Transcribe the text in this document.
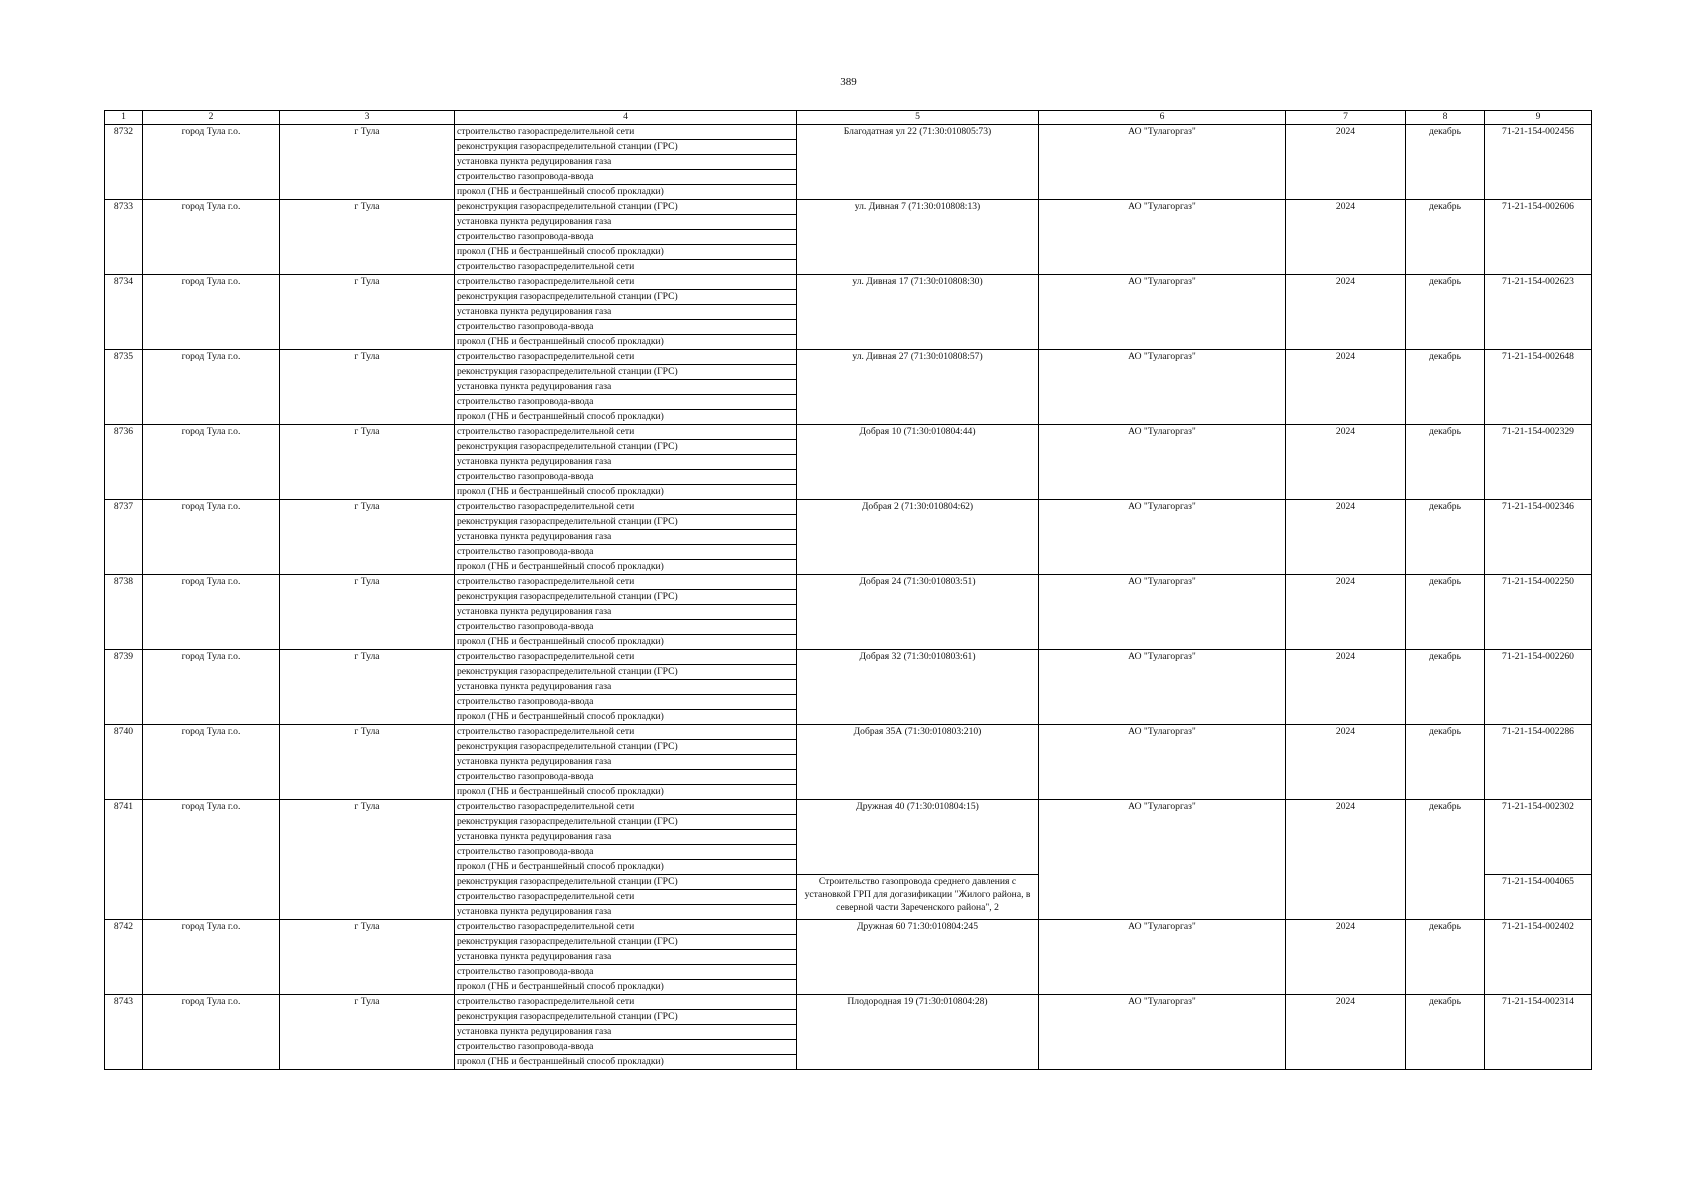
389
1	2	3	4	5	6	7	8	9
8732	город Тула г.о.	г Тула	строительство газораспределительной сети	Благодатная ул 22 (71:30:010805:73)	АО "Тулагоргаз"	2024	декабрь	71-21-154-002456
			реконструкция газораспределительной станции (ГРС)					
			установка пункта редуцирования газа					
			строительство газопровода-ввода					
			прокол (ГНБ и бестраншейный способ прокладки)					
8733	город Тула г.о.	г Тула	реконструкция газораспределительной станции (ГРС)	ул. Дивная 7 (71:30:010808:13)	АО "Тулагоргаз"	2024	декабрь	71-21-154-002606
			установка пункта редуцирования газа					
			строительство газопровода-ввода					
			прокол (ГНБ и бестраншейный способ прокладки)					
			строительство газораспределительной сети					
8734	город Тула г.о.	г Тула	строительство газораспределительной сети	ул. Дивная 17 (71:30:010808:30)	АО "Тулагоргаз"	2024	декабрь	71-21-154-002623
			реконструкция газораспределительной станции (ГРС)					
			установка пункта редуцирования газа					
			строительство газопровода-ввода					
			прокол (ГНБ и бестраншейный способ прокладки)					
8735	город Тула г.о.	г Тула	строительство газораспределительной сети	ул. Дивная 27 (71:30:010808:57)	АО "Тулагоргаз"	2024	декабрь	71-21-154-002648
			реконструкция газораспределительной станции (ГРС)					
			установка пункта редуцирования газа					
			строительство газопровода-ввода					
			прокол (ГНБ и бестраншейный способ прокладки)					
8736	город Тула г.о.	г Тула	строительство газораспределительной сети	Добрая 10 (71:30:010804:44)	АО "Тулагоргаз"	2024	декабрь	71-21-154-002329
			реконструкция газораспределительной станции (ГРС)					
			установка пункта редуцирования газа					
			строительство газопровода-ввода					
			прокол (ГНБ и бестраншейный способ прокладки)					
8737	город Тула г.о.	г Тула	строительство газораспределительной сети	Добрая 2 (71:30:010804:62)	АО "Тулагоргаз"	2024	декабрь	71-21-154-002346
			реконструкция газораспределительной станции (ГРС)					
			установка пункта редуцирования газа					
			строительство газопровода-ввода					
			прокол (ГНБ и бестраншейный способ прокладки)					
8738	город Тула г.о.	г Тула	строительство газораспределительной сети	Добрая 24 (71:30:010803:51)	АО "Тулагоргаз"	2024	декабрь	71-21-154-002250
			реконструкция газораспределительной станции (ГРС)					
			установка пункта редуцирования газа					
			строительство газопровода-ввода					
			прокол (ГНБ и бестраншейный способ прокладки)					
8739	город Тула г.о.	г Тула	строительство газораспределительной сети	Добрая 32 (71:30:010803:61)	АО "Тулагоргаз"	2024	декабрь	71-21-154-002260
			реконструкция газораспределительной станции (ГРС)					
			установка пункта редуцирования газа					
			строительство газопровода-ввода					
			прокол (ГНБ и бестраншейный способ прокладки)					
8740	город Тула г.о.	г Тула	строительство газораспределительной сети	Добрая 35А (71:30:010803:210)	АО "Тулагоргаз"	2024	декабрь	71-21-154-002286
			реконструкция газораспределительной станции (ГРС)					
			установка пункта редуцирования газа					
			строительство газопровода-ввода					
			прокол (ГНБ и бестраншейный способ прокладки)					
8741	город Тула г.о.	г Тула	строительство газораспределительной сети	Дружная 40 (71:30:010804:15)	АО "Тулагоргаз"	2024	декабрь	71-21-154-002302
			реконструкция газораспределительной станции (ГРС)					
			установка пункта редуцирования газа					
			строительство газопровода-ввода					
			прокол (ГНБ и бестраншейный способ прокладки)					
			реконструкция газораспределительной станции (ГРС)	Строительство газопровода среднего давления с установкой ГРП для догазификации "Жилого района, в северной части Зареченского района", 2				71-21-154-004065
			строительство газораспределительной сети					
			установка пункта редуцирования газа					
8742	город Тула г.о.	г Тула	строительство газораспределительной сети	Дружная 60 71:30:010804:245	АО "Тулагоргаз"	2024	декабрь	71-21-154-002402
			реконструкция газораспределительной станции (ГРС)					
			установка пункта редуцирования газа					
			строительство газопровода-ввода					
			прокол (ГНБ и бестраншейный способ прокладки)					
8743	город Тула г.о.	г Тула	строительство газораспределительной сети	Плодородная 19 (71:30:010804:28)	АО "Тулагоргаз"	2024	декабрь	71-21-154-002314
			реконструкция газораспределительной станции (ГРС)					
			установка пункта редуцирования газа					
			строительство газопровода-ввода					
			прокол (ГНБ и бестраншейный способ прокладки)					
